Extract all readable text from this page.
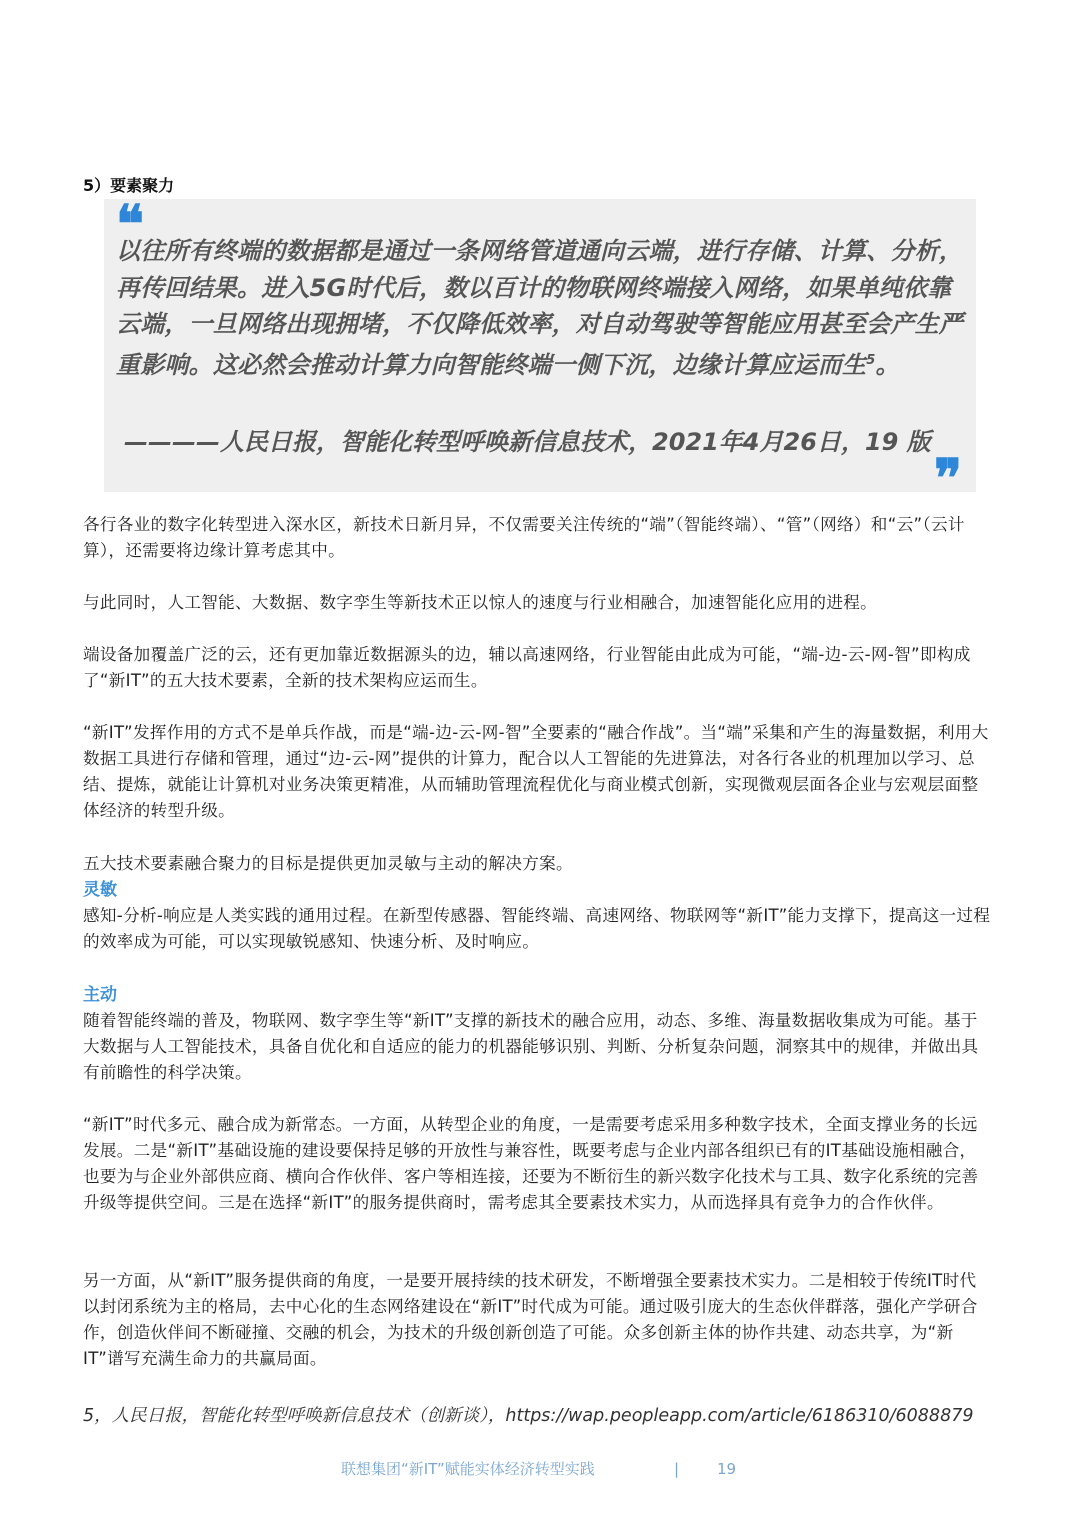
5）要素聚力
❝
以往所有终端的数据都是通过一条网络管道通向云端，进行存储、计算、分析，再传回结果。进入5G时代后，数以百计的物联网终端接入网络，如果单纯依靠云端，一旦网络出现拥堵，不仅降低效率，对自动驾驶等智能应用甚至会产生严重影响。这必然会推动计算力向智能终端一侧下沉，边缘计算应运而生$^5$。
————人民日报，智能化转型呼唤新信息技术，2021年4月26日，19 版
❞

各行各业的数字化转型进入深水区，新技术日新月异，不仅需要关注传统的“端”（智能终端）、“管”（网络）和“云”（云计算），还需要将边缘计算考虑其中。

与此同时，人工智能、大数据、数字孪生等新技术正以惊人的速度与行业相融合，加速智能化应用的进程。

端设备加覆盖广泛的云，还有更加靠近数据源头的边，辅以高速网络，行业智能由此成为可能，“端-边-云-网-智”即构成了“新IT”的五大技术要素，全新的技术架构应运而生。

“新IT”发挥作用的方式不是单兵作战，而是“端-边-云-网-智”全要素的“融合作战”。当“端”采集和产生的海量数据，利用大数据工具进行存储和管理，通过“边-云-网”提供的计算力，配合以人工智能的先进算法，对各行各业的机理加以学习、总结、提炼，就能让计算机对业务决策更精准，从而辅助管理流程优化与商业模式创新，实现微观层面各企业与宏观层面整体经济的转型升级。

五大技术要素融合聚力的目标是提供更加灵敏与主动的解决方案。

灵敏

感知-分析-响应是人类实践的通用过程。在新型传感器、智能终端、高速网络、物联网等“新IT”能力支撑下，提高这一过程的效率成为可能，可以实现敏锐感知、快速分析、及时响应。

主动

随着智能终端的普及，物联网、数字孪生等“新IT”支撑的新技术的融合应用，动态、多维、海量数据收集成为可能。基于大数据与人工智能技术，具备自优化和自适应的能力的机器能够识别、判断、分析复杂问题，洞察其中的规律，并做出具有前瞻性的科学决策。

“新IT”时代多元、融合成为新常态。一方面，从转型企业的角度，一是需要考虑采用多种数字技术，全面支撑业务的长远发展。二是“新IT”基础设施的建设要保持足够的开放性与兼容性，既要考虑与企业内部各组织已有的IT基础设施相融合，也要为与企业外部供应商、横向合作伙伴、客户等相连接，还要为不断衍生的新兴数字化技术与工具、数字化系统的完善升级等提供空间。三是在选择“新IT”的服务提供商时，需考虑其全要素技术实力，从而选择具有竞争力的合作伙伴。

另一方面，从“新IT”服务提供商的角度，一是要开展持续的技术研发，不断增强全要素技术实力。二是相较于传统IT时代以封闭系统为主的格局，去中心化的生态网络建设在“新IT”时代成为可能。通过吸引庞大的生态伙伴群落，强化产学研合作，创造伙伴间不断碰撞、交融的机会，为技术的升级创新创造了可能。众多创新主体的协作共建、动态共享，为“新IT”谱写充满生命力的共赢局面。

5，人民日报，智能化转型呼唤新信息技术（创新谈），https://wap.peopleapp.com/article/6186310/6088879
联想集团“新IT”赋能实体经济转型实践	|	19
